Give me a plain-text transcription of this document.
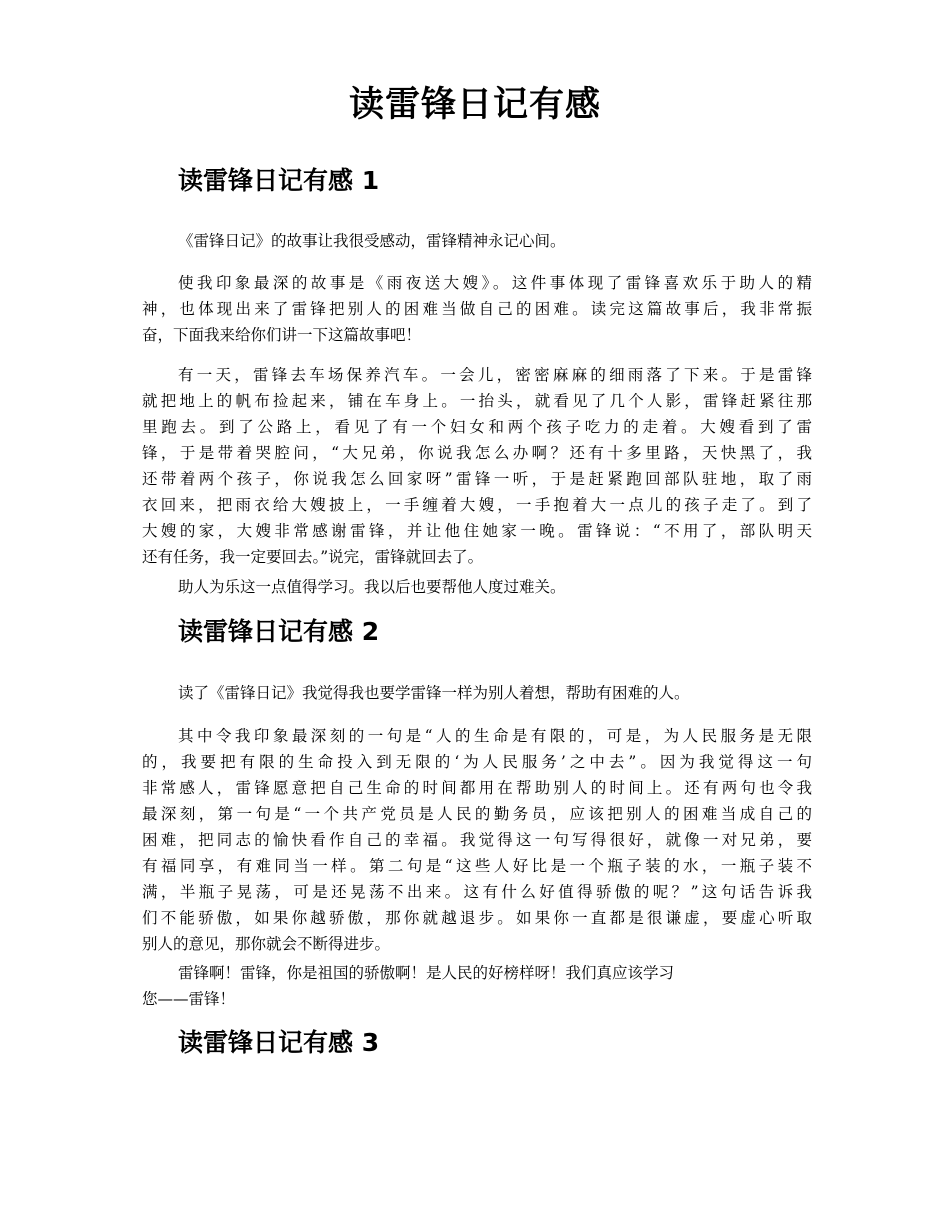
读雷锋日记有感
读雷锋日记有感 1

《雷锋日记》的故事让我很受感动，雷锋精神永记心间。

使我印象最深的故事是《雨夜送大嫂》。这件事体现了雷锋喜欢乐于助人的精
神，也体现出来了雷锋把别人的困难当做自己的困难。读完这篇故事后，我非常振
奋，下面我来给你们讲一下这篇故事吧！

有一天，雷锋去车场保养汽车。一会儿，密密麻麻的细雨落了下来。于是雷锋
就把地上的帆布捡起来，铺在车身上。一抬头，就看见了几个人影，雷锋赶紧往那
里跑去。到了公路上，看见了有一个妇女和两个孩子吃力的走着。大嫂看到了雷
锋，于是带着哭腔问，“大兄弟，你说我怎么办啊？还有十多里路，天快黑了，我
还带着两个孩子，你说我怎么回家呀”雷锋一听，于是赶紧跑回部队驻地，取了雨
衣回来，把雨衣给大嫂披上，一手缠着大嫂，一手抱着大一点儿的孩子走了。到了
大嫂的家，大嫂非常感谢雷锋，并让他住她家一晚。雷锋说：“不用了，部队明天
还有任务，我一定要回去。”说完，雷锋就回去了。

助人为乐这一点值得学习。我以后也要帮他人度过难关。

读雷锋日记有感 2

读了《雷锋日记》我觉得我也要学雷锋一样为别人着想，帮助有困难的人。

其中令我印象最深刻的一句是“人的生命是有限的，可是，为人民服务是无限
的，我要把有限的生命投入到无限的‘为人民服务’之中去”。因为我觉得这一句
非常感人，雷锋愿意把自己生命的时间都用在帮助别人的时间上。还有两句也令我
最深刻，第一句是“一个共产党员是人民的勤务员，应该把别人的困难当成自己的
困难，把同志的愉快看作自己的幸福。我觉得这一句写得很好，就像一对兄弟，要
有福同享，有难同当一样。第二句是“这些人好比是一个瓶子装的水，一瓶子装不
满，半瓶子晃荡，可是还晃荡不出来。这有什么好值得骄傲的呢？”这句话告诉我
们不能骄傲，如果你越骄傲，那你就越退步。如果你一直都是很谦虚，要虚心听取
别人的意见，那你就会不断得进步。

雷锋啊！雷锋，你是祖国的骄傲啊！是人民的好榜样呀！我们真应该学习
您——雷锋！

读雷锋日记有感 3
